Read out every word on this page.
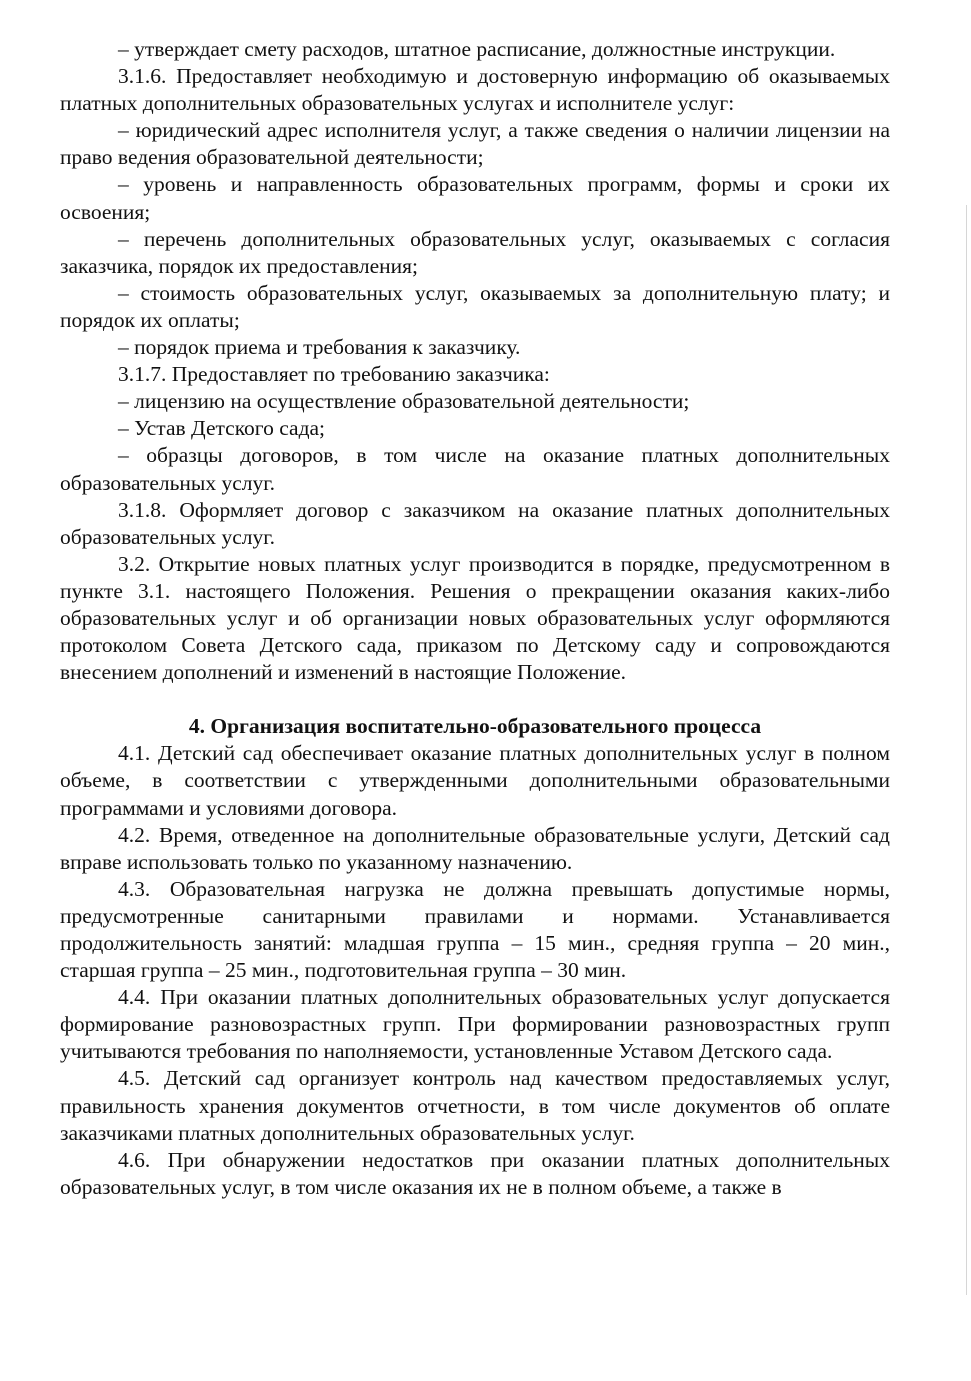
– утверждает смету расходов, штатное расписание, должностные инструкции.

3.1.6. Предоставляет необходимую и достоверную информацию об оказываемых платных дополнительных образовательных услугах и исполнителе услуг:

– юридический адрес исполнителя услуг, а также сведения о наличии лицензии на право ведения образовательной деятельности;

– уровень и направленность образовательных программ, формы и сроки их освоения;

– перечень дополнительных образовательных услуг, оказываемых с согласия заказчика, порядок их предоставления;

– стоимость образовательных услуг, оказываемых за дополнительную плату; и порядок их оплаты;

– порядок приема и требования к заказчику.

3.1.7. Предоставляет по требованию заказчика:

– лицензию на осуществление образовательной деятельности;

– Устав Детского сада;

– образцы договоров, в том числе на оказание платных дополнительных образовательных услуг.

3.1.8. Оформляет договор с заказчиком на оказание платных дополнительных образовательных услуг.

3.2. Открытие новых платных услуг производится в порядке, предусмотренном в пункте 3.1. настоящего Положения. Решения о прекращении оказания каких-либо образовательных услуг и об организации новых образовательных услуг оформляются протоколом Совета Детского сада, приказом по Детскому саду и сопровождаются внесением дополнений и изменений в настоящие Положение.

4. Организация воспитательно-образовательного процесса

4.1. Детский сад обеспечивает оказание платных дополнительных услуг в полном объеме, в соответствии с утвержденными дополнительными образовательными программами и условиями договора.

4.2. Время, отведенное на дополнительные образовательные услуги, Детский сад вправе использовать только по указанному назначению.

4.3. Образовательная нагрузка не должна превышать допустимые нормы, предусмотренные санитарными правилами и нормами. Устанавливается продолжительность занятий: младшая группа – 15 мин., средняя группа – 20 мин., старшая группа – 25 мин., подготовительная группа – 30 мин.

4.4. При оказании платных дополнительных образовательных услуг допускается формирование разновозрастных групп. При формировании разновозрастных групп учитываются требования по наполняемости, установленные Уставом Детского сада.

4.5. Детский сад организует контроль над качеством предоставляемых услуг, правильность хранения документов отчетности, в том числе документов об оплате заказчиками платных дополнительных образовательных услуг.

4.6. При обнаружении недостатков при оказании платных дополнительных образовательных услуг, в том числе оказания их не в полном объеме, а также в
